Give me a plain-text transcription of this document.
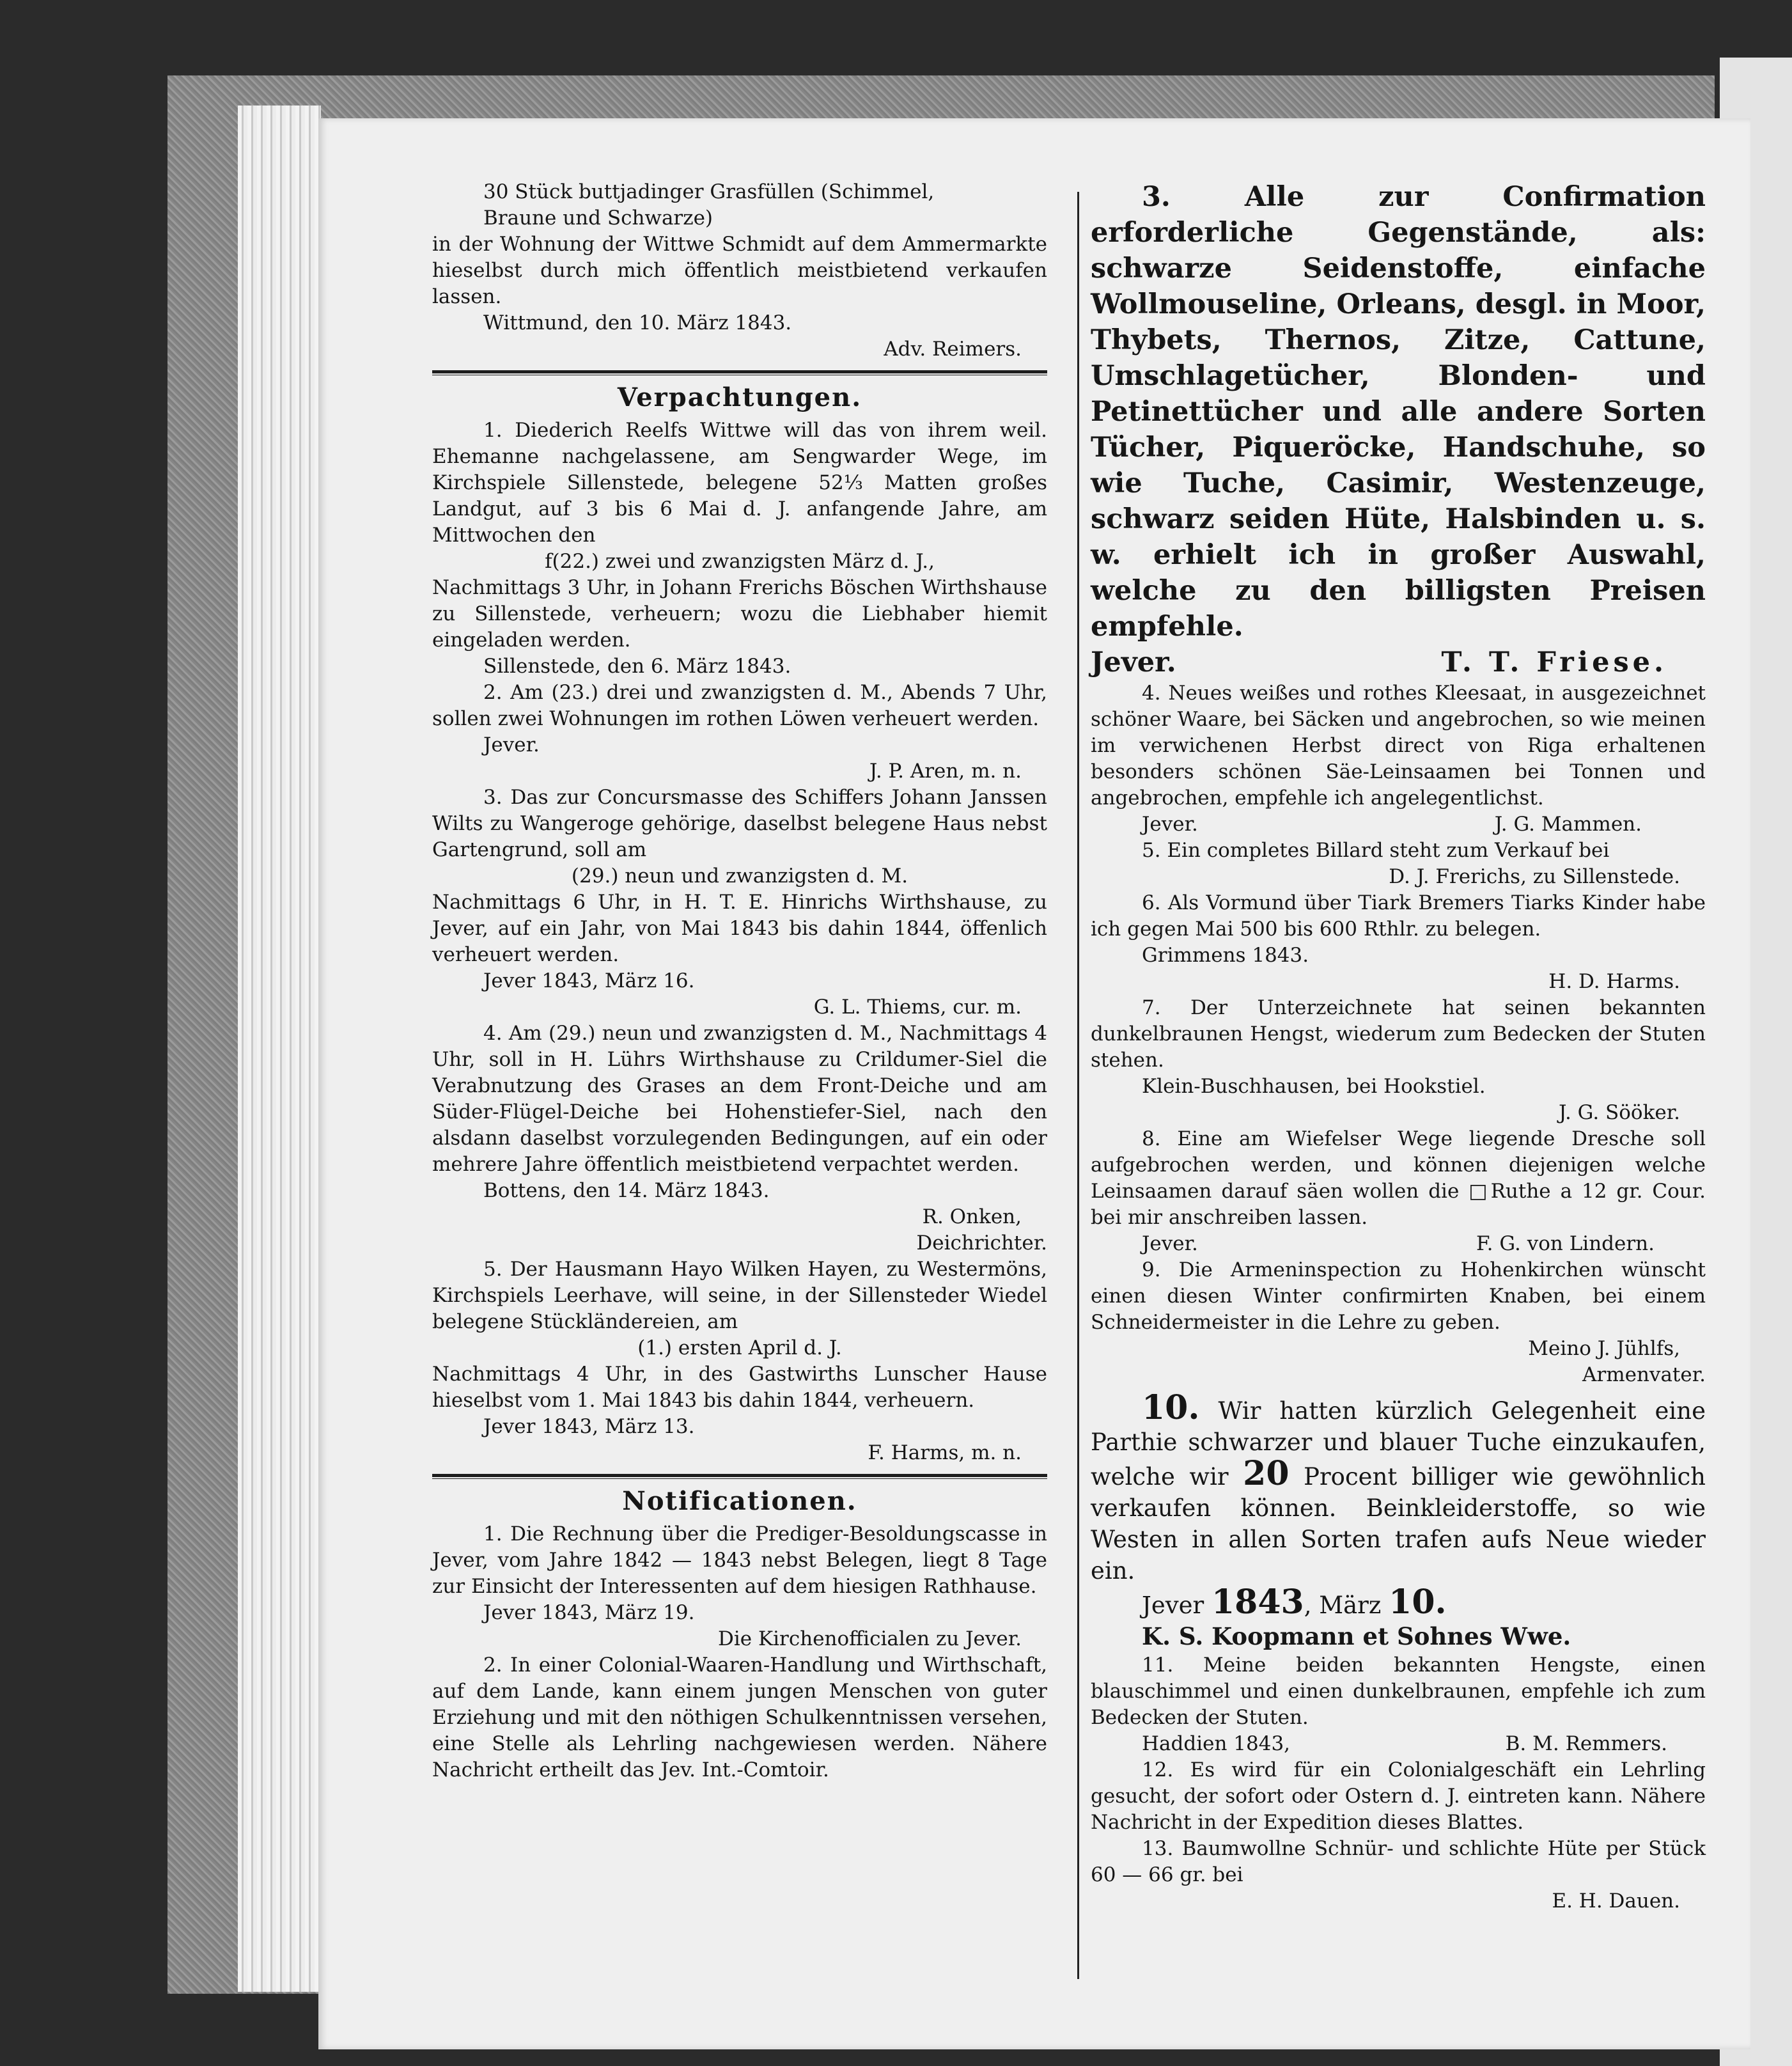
30 Stück buttjadinger Grasfüllen (Schimmel,

Braune und Schwarze)

in der Wohnung der Wittwe Schmidt auf dem Ammermarkte hieselbst durch mich öffentlich meistbietend verkaufen lassen.

Wittmund, den 10. März 1843.

Adv. Reimers.

Verpachtungen.

1. Diederich Reelfs Wittwe will das von ihrem weil. Ehemanne nachgelassene, am Sengwarder Wege, im Kirchspiele Sillenstede, belegene 52⅓ Matten großes Landgut, auf 3 bis 6 Mai d. J. anfangende Jahre, am Mittwochen den

f(22.) zwei und zwanzigsten März d. J.,

Nachmittags 3 Uhr, in Johann Frerichs Böschen Wirthshause zu Sillenstede, verheuern; wozu die Liebhaber hiemit eingeladen werden.

Sillenstede, den 6. März 1843.

2. Am (23.) drei und zwanzigsten d. M., Abends 7 Uhr, sollen zwei Wohnungen im rothen Löwen verheuert werden.

Jever.

J. P. Aren, m. n.

3. Das zur Concursmasse des Schiffers Johann Janssen Wilts zu Wangeroge gehörige, daselbst belegene Haus nebst Gartengrund, soll am

(29.) neun und zwanzigsten d. M.

Nachmittags 6 Uhr, in H. T. E. Hinrichs Wirthshause, zu Jever, auf ein Jahr, von Mai 1843 bis dahin 1844, öffenlich verheuert werden.

Jever 1843, März 16.

G. L. Thiems, cur. m.

4. Am (29.) neun und zwanzigsten d. M., Nachmittags 4 Uhr, soll in H. Lührs Wirthshause zu Crildumer-Siel die Verabnutzung des Grases an dem Front-Deiche und am Süder-Flügel-Deiche bei Hohenstiefer-Siel, nach den alsdann daselbst vorzulegenden Bedingungen, auf ein oder mehrere Jahre öffentlich meistbietend verpachtet werden.

Bottens, den 14. März 1843.

R. Onken,

Deichrichter.

5. Der Hausmann Hayo Wilken Hayen, zu Westermöns, Kirchspiels Leerhave, will seine, in der Sillensteder Wiedel belegene Stückländereien, am

(1.) ersten April d. J.

Nachmittags 4 Uhr, in des Gastwirths Lunscher Hause hieselbst vom 1. Mai 1843 bis dahin 1844, verheuern.

Jever 1843, März 13.

F. Harms, m. n.

Notificationen.

1. Die Rechnung über die Prediger-Besoldungscasse in Jever, vom Jahre 1842 — 1843 nebst Belegen, liegt 8 Tage zur Einsicht der Interessenten auf dem hiesigen Rathhause.

Jever 1843, März 19.

Die Kirchenofficialen zu Jever.

2. In einer Colonial-Waaren-Handlung und Wirthschaft, auf dem Lande, kann einem jungen Menschen von guter Erziehung und mit den nöthigen Schulkenntnissen versehen, eine Stelle als Lehrling nachgewiesen werden. Nähere Nachricht ertheilt das Jev. Int.-Comtoir.

3. Alle zur Confirmation erforderliche Gegenstände, als: schwarze Seidenstoffe, einfache Wollmouseline, Orleans, desgl. in Moor, Thybets, Thernos, Zitze, Cattune, Umschlagetücher, Blonden- und Petinettücher und alle andere Sorten Tücher, Piqueröcke, Handschuhe, so wie Tuche, Casimir, Westenzeuge, schwarz seiden Hüte, Halsbinden u. s. w. erhielt ich in großer Auswahl, welche zu den billigsten Preisen empfehle.

Jever.	T. T. Friese.

4. Neues weißes und rothes Kleesaat, in ausgezeichnet schöner Waare, bei Säcken und angebrochen, so wie meinen im verwichenen Herbst direct von Riga erhaltenen besonders schönen Säe-Leinsaamen bei Tonnen und angebrochen, empfehle ich angelegentlichst.

Jever.	J. G. Mammen.

5. Ein completes Billard steht zum Verkauf bei

D. J. Frerichs, zu Sillenstede.

6. Als Vormund über Tiark Bremers Tiarks Kinder habe ich gegen Mai 500 bis 600 Rthlr. zu belegen.

Grimmens 1843.

H. D. Harms.

7. Der Unterzeichnete hat seinen bekannten dunkelbraunen Hengst, wiederum zum Bedecken der Stuten stehen.

Klein-Buschhausen, bei Hookstiel.

J. G. Sööker.

8. Eine am Wiefelser Wege liegende Dresche soll aufgebrochen werden, und können diejenigen welche Leinsaamen darauf säen wollen die □Ruthe a 12 gr. Cour. bei mir anschreiben lassen.

Jever.	F. G. von Lindern.

9. Die Armeninspection zu Hohenkirchen wünscht einen diesen Winter confirmirten Knaben, bei einem Schneidermeister in die Lehre zu geben.

Meino J. Jühlfs,

Armenvater.

10. Wir hatten kürzlich Gelegenheit eine Parthie schwarzer und blauer Tuche einzukaufen, welche wir 20 Procent billiger wie gewöhnlich verkaufen können. Beinkleiderstoffe, so wie Westen in allen Sorten trafen aufs Neue wieder ein.

Jever 1843, März 10.

K. S. Koopmann et Sohnes Wwe.

11. Meine beiden bekannten Hengste, einen blauschimmel und einen dunkelbraunen, empfehle ich zum Bedecken der Stuten.

Haddien 1843,	B. M. Remmers.

12. Es wird für ein Colonialgeschäft ein Lehrling gesucht, der sofort oder Ostern d. J. eintreten kann. Nähere Nachricht in der Expedition dieses Blattes.

13. Baumwollne Schnür- und schlichte Hüte per Stück 60 — 66 gr. bei

E. H. Dauen.
